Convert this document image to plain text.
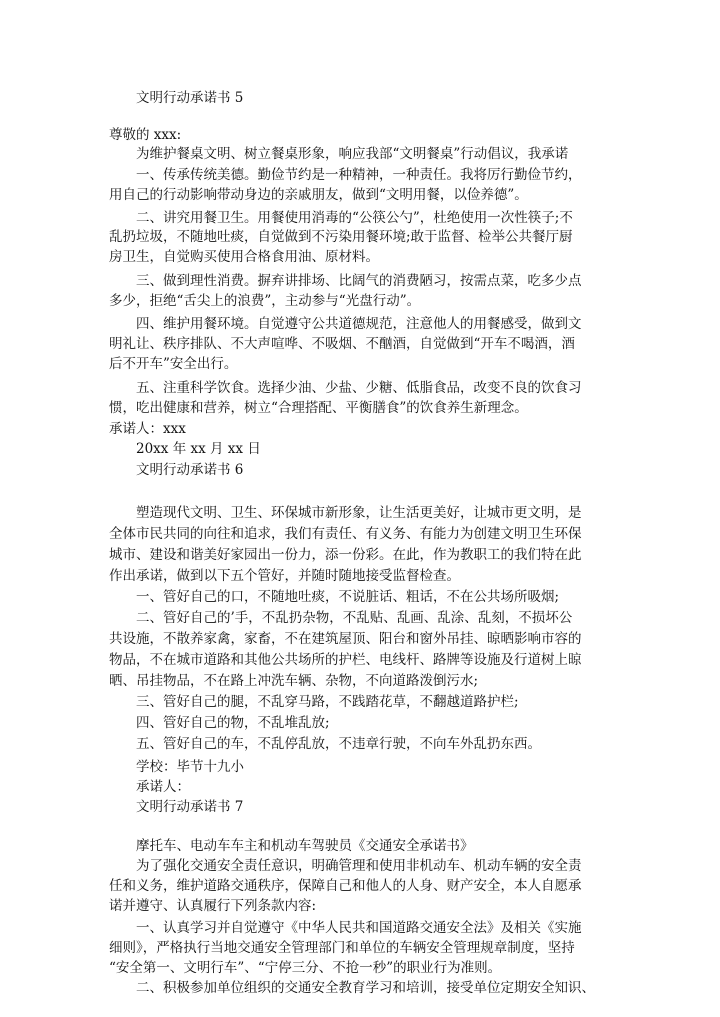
文明行动承诺书 5
尊敬的 xxx:
为维护餐桌文明、树立餐桌形象，响应我部“文明餐桌”行动倡议，我承诺
一、传承传统美德。勤俭节约是一种精神，一种责任。我将厉行勤俭节约，
用自己的行动影响带动身边的亲戚朋友，做到“文明用餐，以俭养德”。
二、讲究用餐卫生。用餐使用消毒的“公筷公勺”，杜绝使用一次性筷子;不
乱扔垃圾，不随地吐痰，自觉做到不污染用餐环境;敢于监督、检举公共餐厅厨
房卫生，自觉购买使用合格食用油、原材料。
三、做到理性消费。摒弃讲排场、比阔气的消费陋习，按需点菜，吃多少点
多少，拒绝“舌尖上的浪费”，主动参与“光盘行动”。
四、维护用餐环境。自觉遵守公共道德规范，注意他人的用餐感受，做到文
明礼让、秩序排队、不大声喧哗、不吸烟、不酗酒，自觉做到“开车不喝酒，酒
后不开车”安全出行。
五、注重科学饮食。选择少油、少盐、少糖、低脂食品，改变不良的饮食习
惯，吃出健康和营养，树立“合理搭配、平衡膳食”的饮食养生新理念。
承诺人：xxx
20xx 年 xx 月 xx 日
文明行动承诺书 6
塑造现代文明、卫生、环保城市新形象，让生活更美好，让城市更文明，是
全体市民共同的向往和追求，我们有责任、有义务、有能力为创建文明卫生环保
城市、建设和谐美好家园出一份力，添一份彩。在此，作为教职工的我们特在此
作出承诺，做到以下五个管好，并随时随地接受监督检查。
一、管好自己的口，不随地吐痰，不说脏话、粗话，不在公共场所吸烟;
二、管好自己的’手，不乱扔杂物，不乱贴、乱画、乱涂、乱刻，不损坏公
共设施，不散养家禽，家畜，不在建筑屋顶、阳台和窗外吊挂、晾晒影响市容的
物品，不在城市道路和其他公共场所的护栏、电线杆、路牌等设施及行道树上晾
晒、吊挂物品，不在路上冲洗车辆、杂物，不向道路泼倒污水;
三、管好自己的腿，不乱穿马路，不践踏花草，不翻越道路护栏;
四、管好自己的物，不乱堆乱放;
五、管好自己的车，不乱停乱放，不违章行驶，不向车外乱扔东西。
学校：毕节十九小
承诺人：
文明行动承诺书 7
摩托车、电动车车主和机动车驾驶员《交通安全承诺书》
为了强化交通安全责任意识，明确管理和使用非机动车、机动车辆的安全责
任和义务，维护道路交通秩序，保障自己和他人的人身、财产安全，本人自愿承
诺并遵守、认真履行下列条款内容:
一、认真学习并自觉遵守《中华人民共和国道路交通安全法》及相关《实施
细则》，严格执行当地交通安全管理部门和单位的车辆安全管理规章制度，坚持
“安全第一、文明行车”、“宁停三分、不抢一秒”的职业行为准则。
二、积极参加单位组织的交通安全教育学习和培训，接受单位定期安全知识、
